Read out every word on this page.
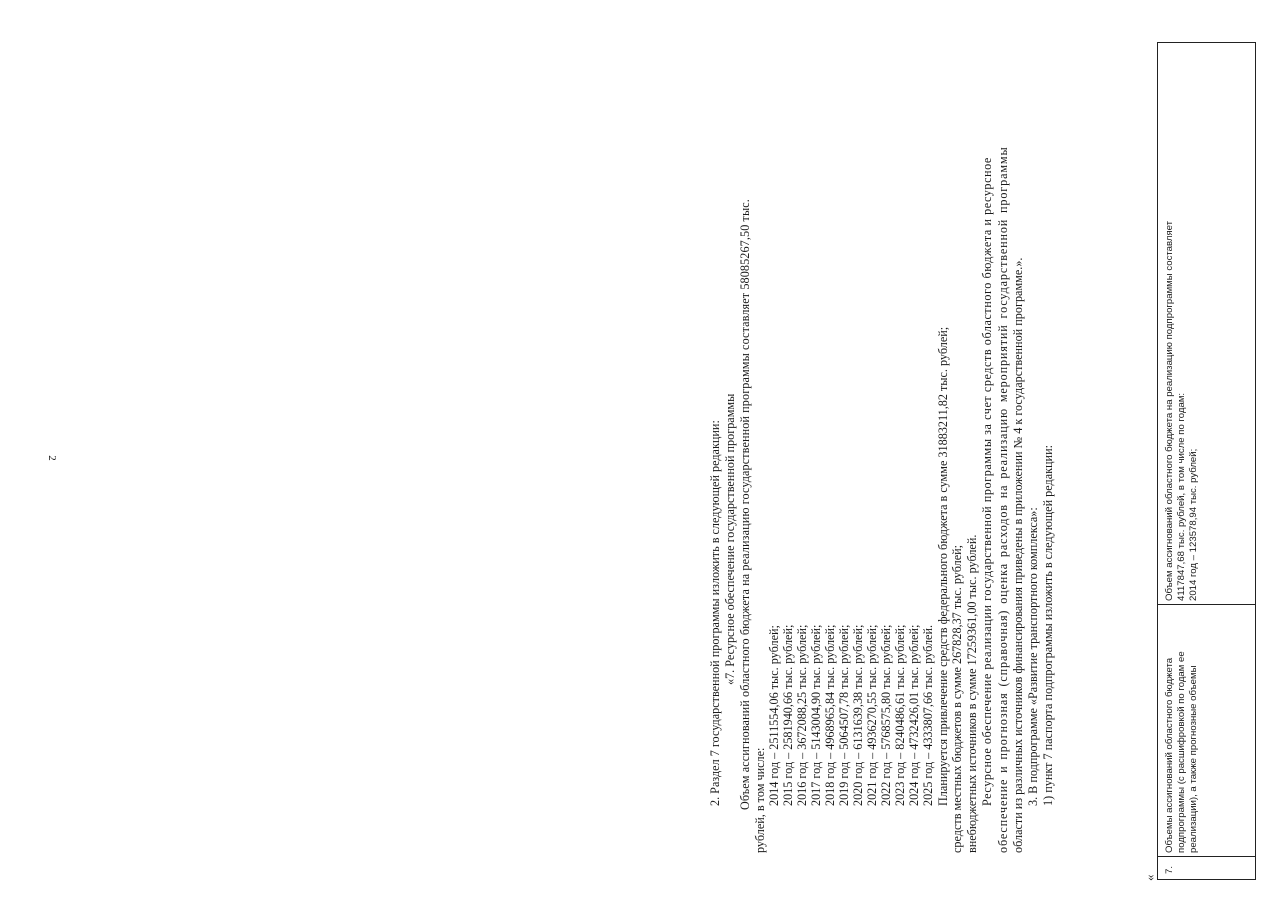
2	2. Раздел 7 государственной программы изложить в следующей редакции: «7. Ресурсное обеспечение государственной программы Объем ассигнований областного бюджета на реализацию государственной программы составляет 58085267,50 тыс. рублей, в том числе: 2014 год – 2511554,06 тыс. рублей; 2015 год – 2581940,66 тыс. рублей; 2016 год – 3672088,25 тыс. рублей; 2017 год – 5143004,90 тыс. рублей; 2018 год – 4968965,84 тыс. рублей; 2019 год – 5064507,78 тыс. рублей; 2020 год – 6131639,38 тыс. рублей; 2021 год – 4936270,55 тыс. рублей; 2022 год – 5768575,80 тыс. рублей; 2023 год – 8240486,61 тыс. рублей; 2024 год – 4732426,01 тыс. рублей; 2025 год – 4333807,66 тыс. рублей. Планируется привлечение средств федерального бюджета в сумме 31883211,82 тыс. рублей; средств местных бюджетов в сумме 267828,37 тыс. рублей; внебюджетных источников в сумме 17259361,00 тыс. рублей. Ресурсное обеспечение реализации государственной программы за счет средств областного бюджета и ресурсное обеспечение и прогнозная (справочная) оценка расходов на реализацию мероприятий государственной программы области из различных источников финансирования приведены в приложении № 4 к государственной программе.». 3. В подпрограмме «Развитие транспортного комплекса»: 1) пункт 7 паспорта подпрограммы изложить в следующей редакции:
«
7.
Объемы ассигнований областного бюджета подпрограммы (с расшифровкой по годам ее реализации), а также прогнозные объемы
Объем ассигнований областного бюджета на реализацию подпрограммы составляет 4117847,68 тыс. рублей, в том числе по годам: 2014 год – 123578,94 тыс. рублей;
